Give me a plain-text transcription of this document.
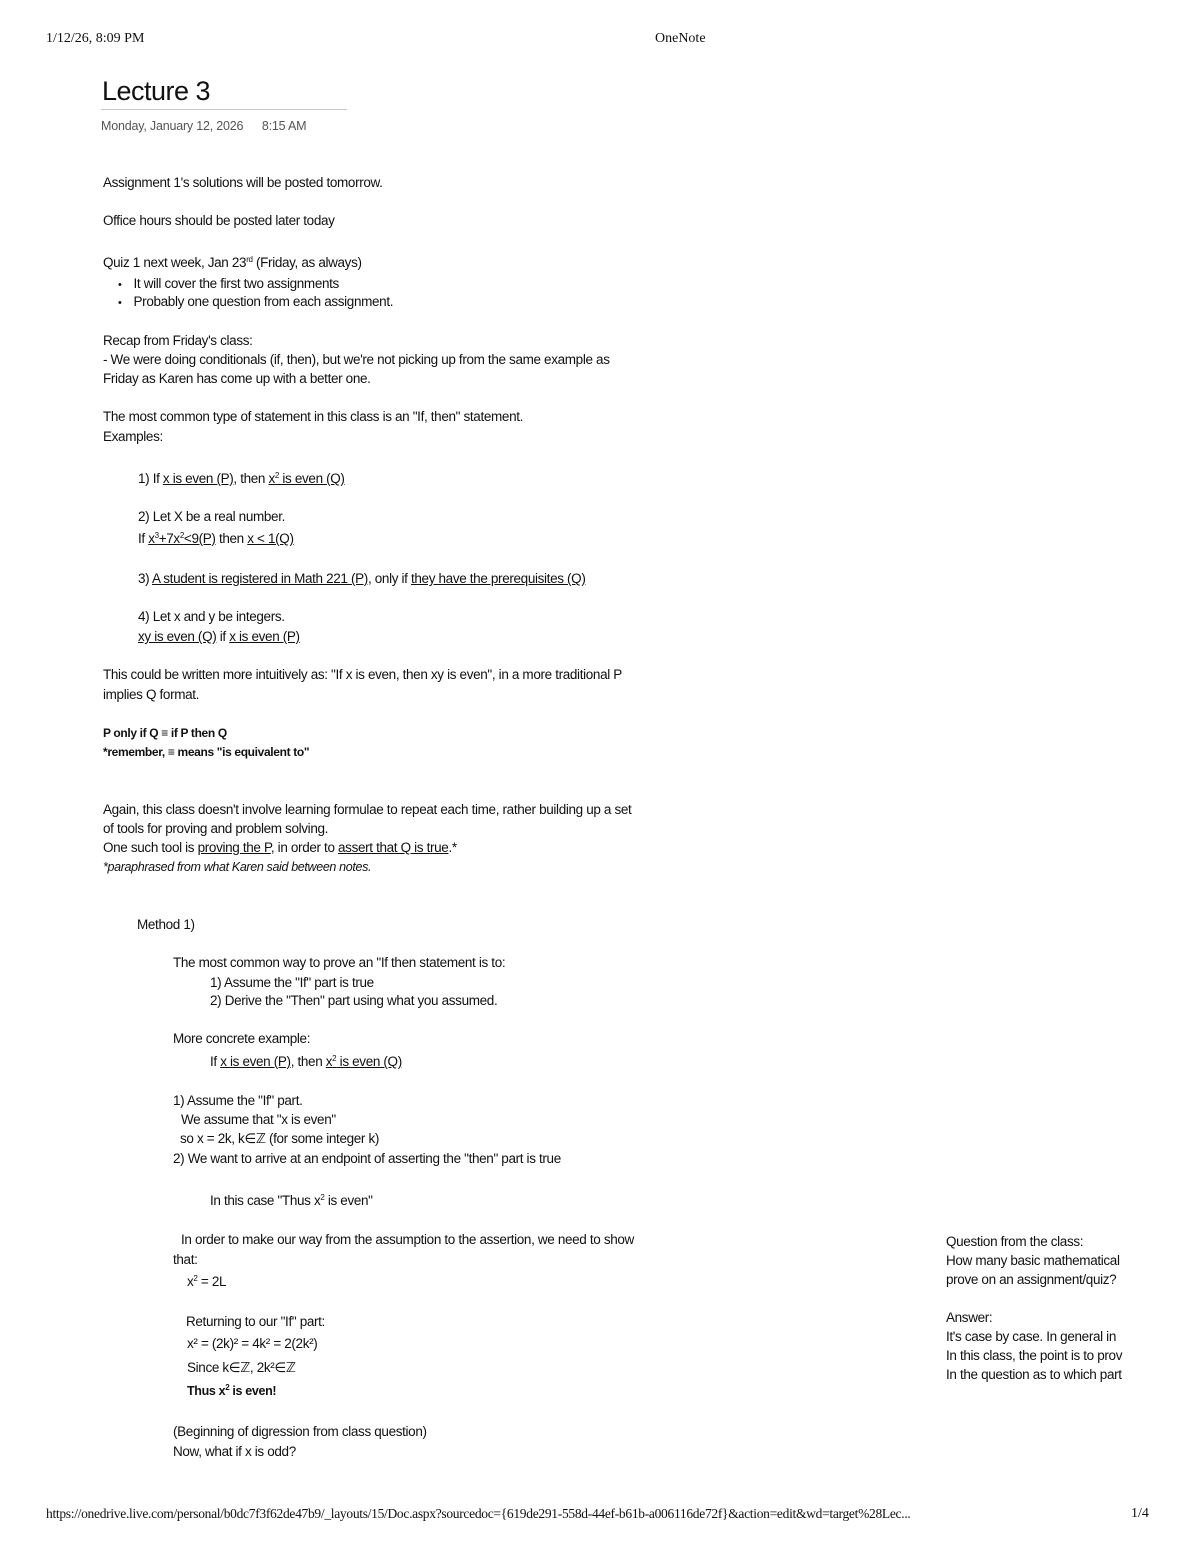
1/12/26, 8:09 PM	OneNote
Lecture 3
Monday, January 12, 2026 8:15 AM
Assignment 1's solutions will be posted tomorrow.
Office hours should be posted later today
Quiz 1 next week, Jan 23rd (Friday, as always)
• It will cover the first two assignments
• Probably one question from each assignment.
Recap from Friday's class:
- We were doing conditionals (if, then), but we're not picking up from the same example as
Friday as Karen has come up with a better one.
The most common type of statement in this class is an "If, then" statement.
Examples:
1) If x is even (P), then $x^2$ is even (Q)
2) Let X be a real number.
If $x^3+7x^2<9(P)$ then x < 1(Q)
3) A student is registered in Math 221 (P), only if they have the prerequisites (Q)
4) Let x and y be integers.
xy is even (Q) if x is even (P)
This could be written more intuitively as: "If x is even, then xy is even", in a more traditional P
implies Q format.
P only if Q ≡ if P then Q
*remember, ≡ means "is equivalent to"
Again, this class doesn't involve learning formulae to repeat each time, rather building up a set
of tools for proving and problem solving.
One such tool is proving the P, in order to assert that Q is true.*
*paraphrased from what Karen said between notes.
Method 1)
The most common way to prove an "If then statement is to:
1) Assume the "If" part is true
2) Derive the "Then" part using what you assumed.
More concrete example:
If x is even (P), then $x^2$ is even (Q)
1) Assume the "If" part.
We assume that "x is even"
so x = 2k, k∈ℤ (for some integer k)
2) We want to arrive at an endpoint of asserting the "then" part is true
In this case "Thus $x^2$ is even"
In order to make our way from the assumption to the assertion, we need to show
that:
$x^2 = 2L$
Returning to our "If" part:
x² = (2k)² = 4k² = 2(2k²)
Since k∈ℤ, 2k²∈ℤ
Thus $x^2$ is even!
(Beginning of digression from class question)
Now, what if x is odd?
Question from the class:
How many basic mathematical
prove on an assignment/quiz?
Answer:
It's case by case. In general in
In this class, the point is to prov
In the question as to which part
https://onedrive.live.com/personal/b0dc7f3f62de47b9/_layouts/15/Doc.aspx?sourcedoc={619de291-558d-44ef-b61b-a006116de72f}&action=edit&wd=target%28Lec...	1/4
